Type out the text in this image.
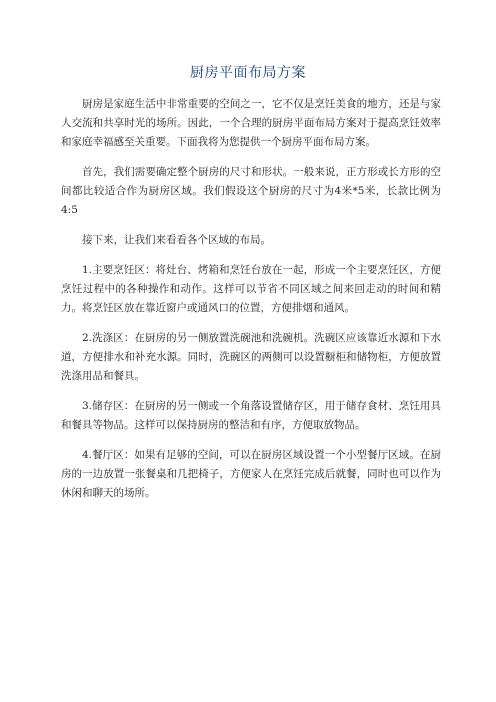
厨房平面布局方案

厨房是家庭生活中非常重要的空间之一，它不仅是烹饪美食的地方，还是与家人交流和共享时光的场所。因此，一个合理的厨房平面布局方案对于提高烹饪效率和家庭幸福感至关重要。下面我将为您提供一个厨房平面布局方案。

首先，我们需要确定整个厨房的尺寸和形状。一般来说，正方形或长方形的空间都比较适合作为厨房区域。我们假设这个厨房的尺寸为4米*5米，长款比例为4:5

接下来，让我们来看看各个区域的布局。

1.主要烹饪区：将灶台、烤箱和烹饪台放在一起，形成一个主要烹饪区，方便烹饪过程中的各种操作和动作。这样可以节省不同区域之间来回走动的时间和精力。将烹饪区放在靠近窗户或通风口的位置，方便排烟和通风。

2.洗涤区：在厨房的另一侧放置洗碗池和洗碗机。洗碗区应该靠近水源和下水道，方便排水和补充水源。同时，洗碗区的两侧可以设置橱柜和储物柜，方便放置洗涤用品和餐具。

3.储存区：在厨房的另一侧或一个角落设置储存区，用于储存食材、烹饪用具和餐具等物品。这样可以保持厨房的整洁和有序，方便取放物品。

4.餐厅区：如果有足够的空间，可以在厨房区域设置一个小型餐厅区域。在厨房的一边放置一张餐桌和几把椅子，方便家人在烹饪完成后就餐，同时也可以作为休闲和聊天的场所。
